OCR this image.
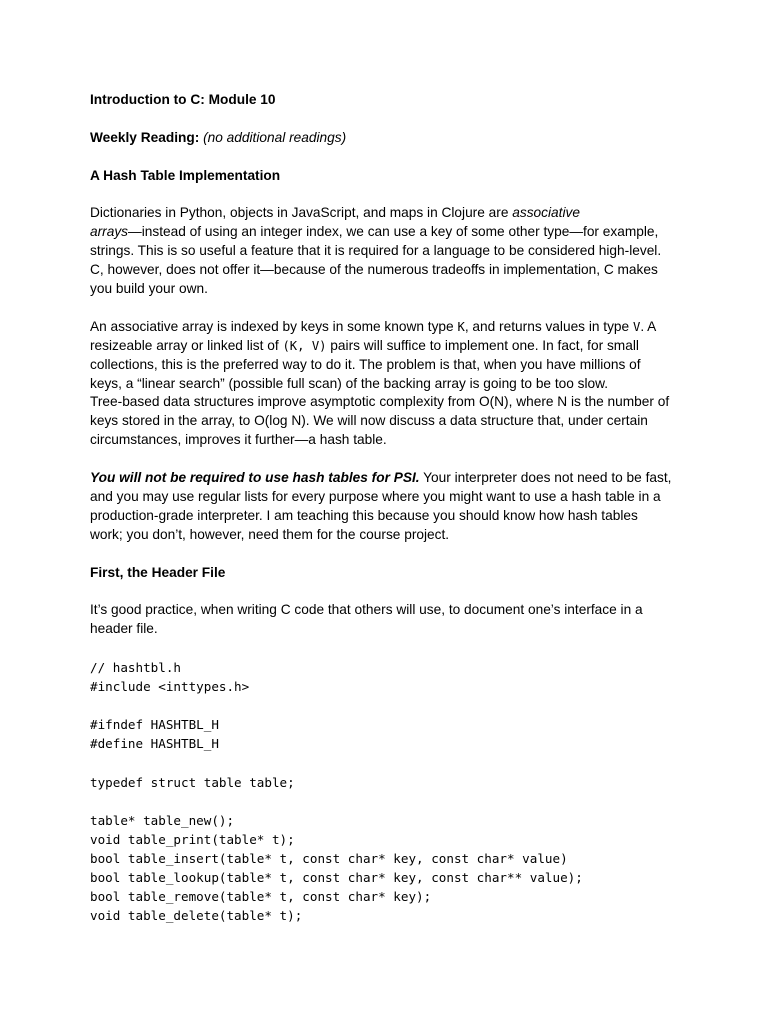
Introduction to C: Module 10

Weekly Reading: (no additional readings)

A Hash Table Implementation

Dictionaries in Python, objects in JavaScript, and maps in Clojure are associative
arrays—instead of using an integer index, we can use a key of some other type—for example,
strings. This is so useful a feature that it is required for a language to be considered high-level.
C, however, does not offer it—because of the numerous tradeoffs in implementation, C makes
you build your own.
An associative array is indexed by keys in some known type K, and returns values in type V. A
resizeable array or linked list of (K, V) pairs will suffice to implement one. In fact, for small
collections, this is the preferred way to do it. The problem is that, when you have millions of
keys, a “linear search” (possible full scan) of the backing array is going to be too slow.
Tree-based data structures improve asymptotic complexity from O(N), where N is the number of
keys stored in the array, to O(log N). We will now discuss a data structure that, under certain
circumstances, improves it further—a hash table.
You will not be required to use hash tables for PSI. Your interpreter does not need to be fast,
and you may use regular lists for every purpose where you might want to use a hash table in a
production-grade interpreter. I am teaching this because you should know how hash tables
work; you don’t, however, need them for the course project.

First, the Header File

It’s good practice, when writing C code that others will use, to document one’s interface in a
header file.
// hashtbl.h
#include <inttypes.h>

#ifndef HASHTBL_H
#define HASHTBL_H

typedef struct table table;

table* table_new();
void table_print(table* t);
bool table_insert(table* t, const char* key, const char* value)
bool table_lookup(table* t, const char* key, const char** value);
bool table_remove(table* t, const char* key);
void table_delete(table* t);
